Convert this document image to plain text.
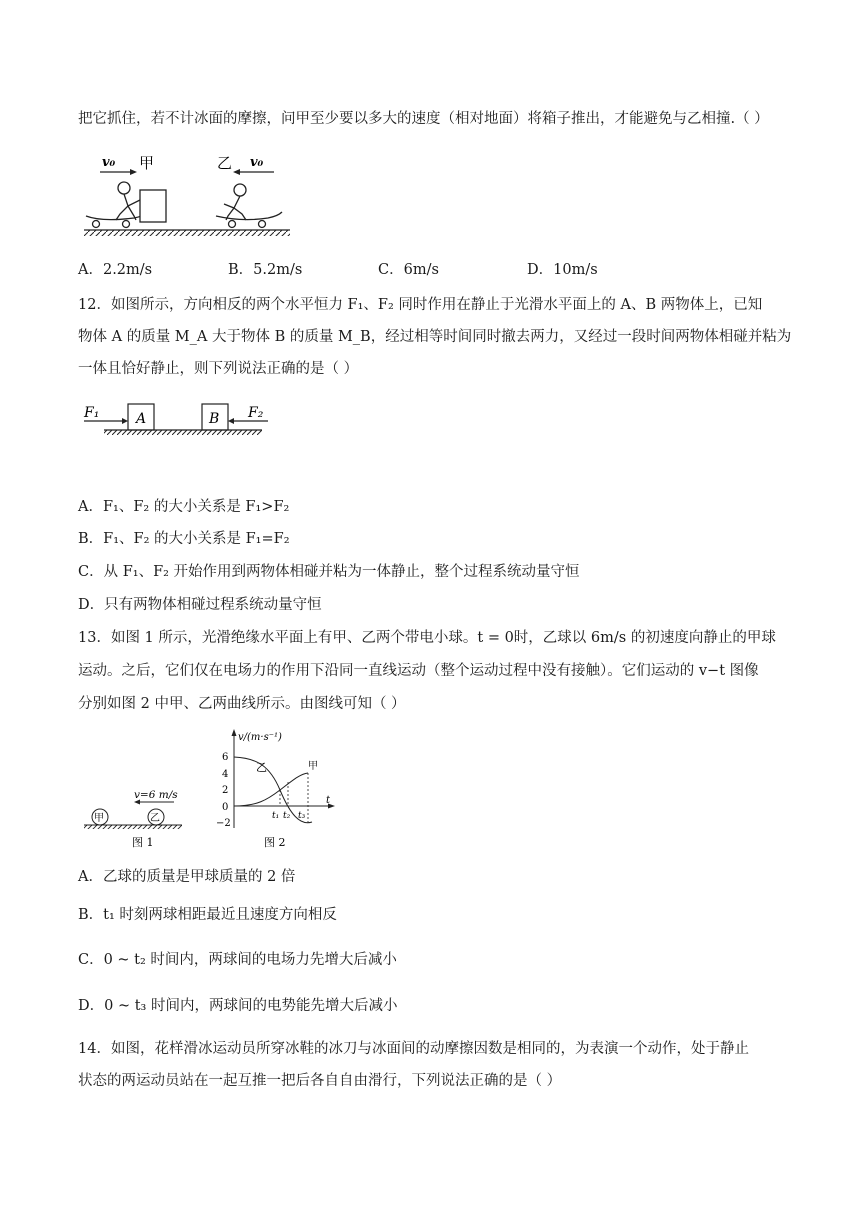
把它抓住，若不计冰面的摩擦，问甲至少要以多大的速度（相对地面）将箱子推出，才能避免与乙相撞.（ ）
v₀ 甲	乙 v₀
A．2.2m/s	B．5.2m/s	C．6m/s	D．10m/s
12．如图所示，方向相反的两个水平恒力 F₁、F₂ 同时作用在静止于光滑水平面上的 A、B 两物体上，已知
物体 A 的质量 M_A 大于物体 B 的质量 M_B，经过相等时间同时撤去两力，又经过一段时间两物体相碰并粘为
一体且恰好静止，则下列说法正确的是（ ）
F₁	A	B F₂
A．F₁、F₂ 的大小关系是 F₁>F₂
B．F₁、F₂ 的大小关系是 F₁=F₂
C．从 F₁、F₂ 开始作用到两物体相碰并粘为一体静止，整个过程系统动量守恒
D．只有两物体相碰过程系统动量守恒
13．如图 1 所示，光滑绝缘水平面上有甲、乙两个带电小球。t = 0时，乙球以 6m/s 的初速度向静止的甲球
运动。之后，它们仅在电场力的作用下沿同一直线运动（整个运动过程中没有接触）。它们运动的 v−t 图像
分别如图 2 中甲、乙两曲线所示。由图线可知（ ）
v=6 m/s
甲	乙
图 1
v/(m·s⁻¹)
t
6
4
2
0
−2
乙	甲
t₁ t₂ t₃
图 2
A．乙球的质量是甲球质量的 2 倍
B．t₁ 时刻两球相距最近且速度方向相反
C．0 ~ t₂ 时间内，两球间的电场力先增大后减小
D．0 ~ t₃ 时间内，两球间的电势能先增大后减小
14．如图，花样滑冰运动员所穿冰鞋的冰刀与冰面间的动摩擦因数是相同的，为表演一个动作，处于静止
状态的两运动员站在一起互推一把后各自自由滑行，下列说法正确的是（ ）
